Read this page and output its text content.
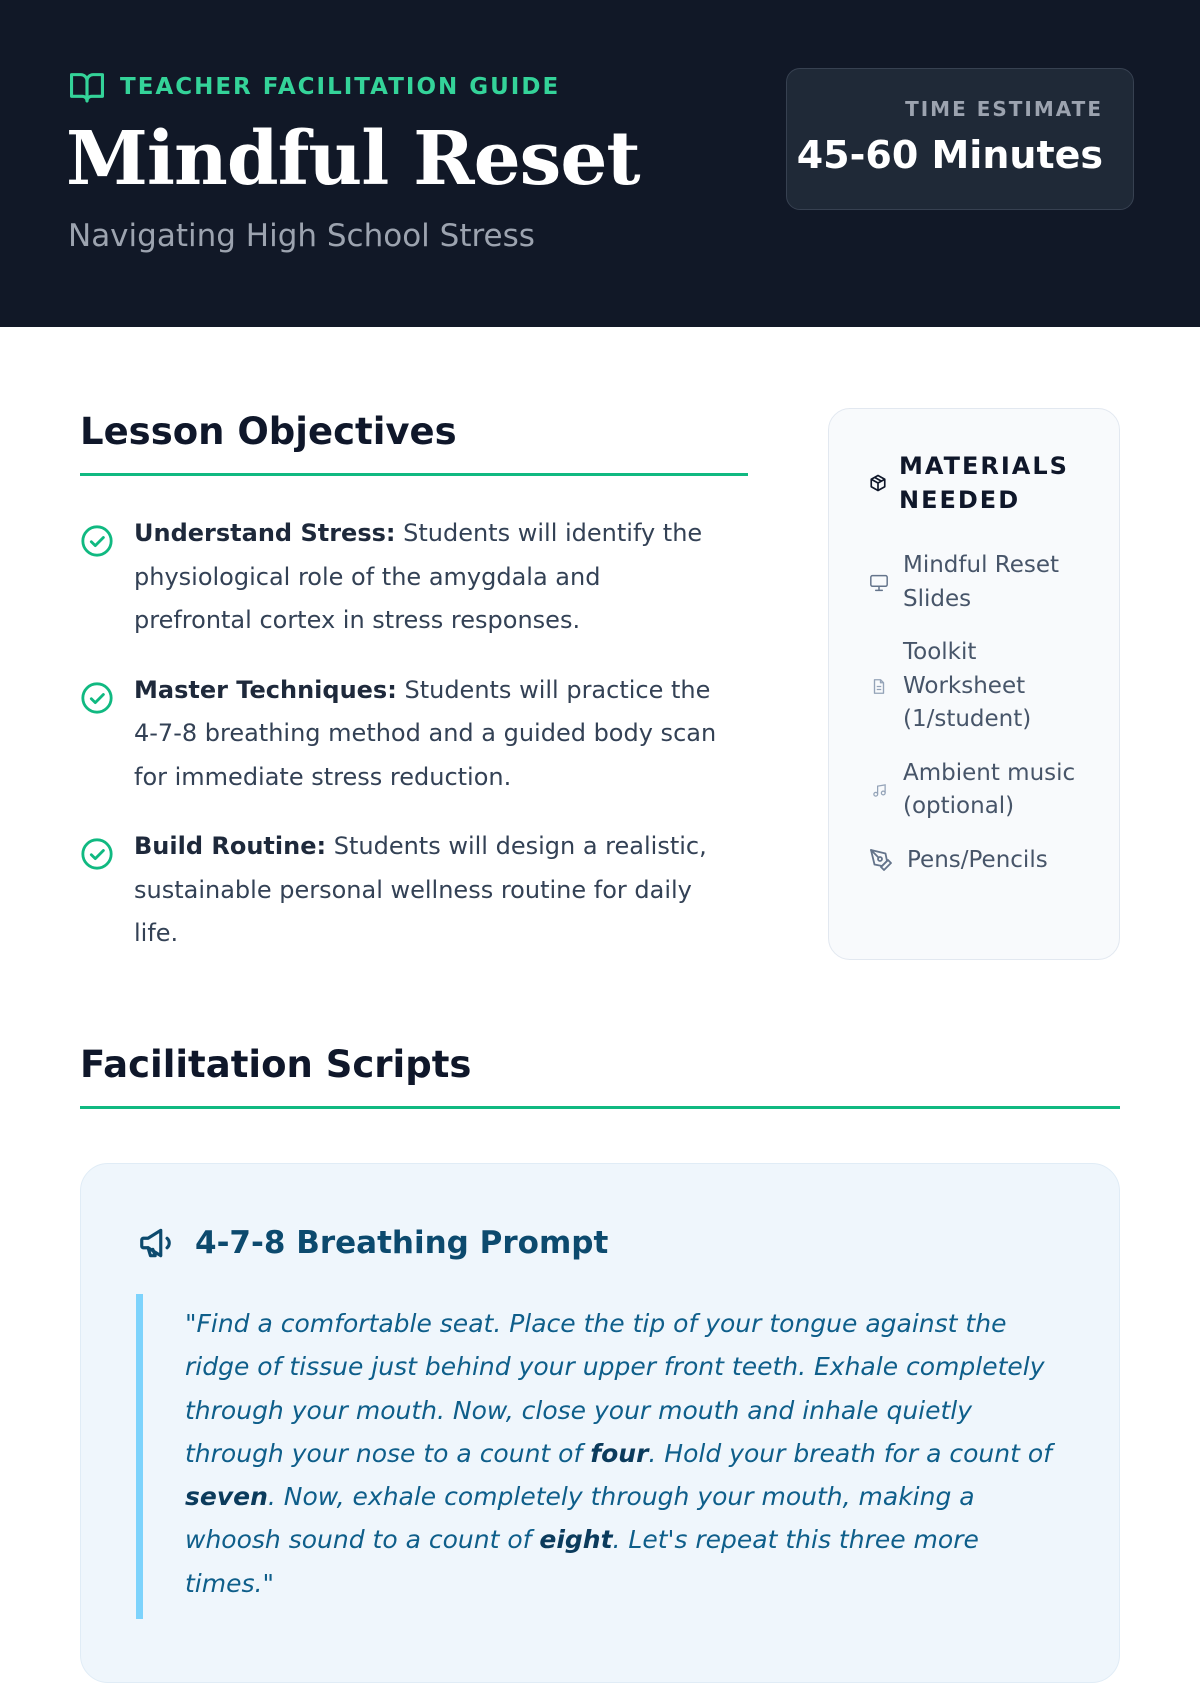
TEACHER FACILITATION GUIDE
Mindful Reset
Navigating High School Stress
TIME ESTIMATE
45-60 Minutes
Lesson Objectives
Understand Stress: Students will identify the physiological role of the amygdala and prefrontal cortex in stress responses.
Master Techniques: Students will practice the 4-7-8 breathing method and a guided body scan for immediate stress reduction.
Build Routine: Students will design a realistic, sustainable personal wellness routine for daily life.
MATERIALS NEEDED
Mindful Reset Slides
Toolkit Worksheet (1/student)
Ambient music (optional)
Pens/Pencils
Facilitation Scripts
4-7-8 Breathing Prompt

"Find a comfortable seat. Place the tip of your tongue against the ridge of tissue just behind your upper front teeth. Exhale completely through your mouth. Now, close your mouth and inhale quietly through your nose to a count of four. Hold your breath for a count of seven. Now, exhale completely through your mouth, making a whoosh sound to a count of eight. Let's repeat this three more times."
